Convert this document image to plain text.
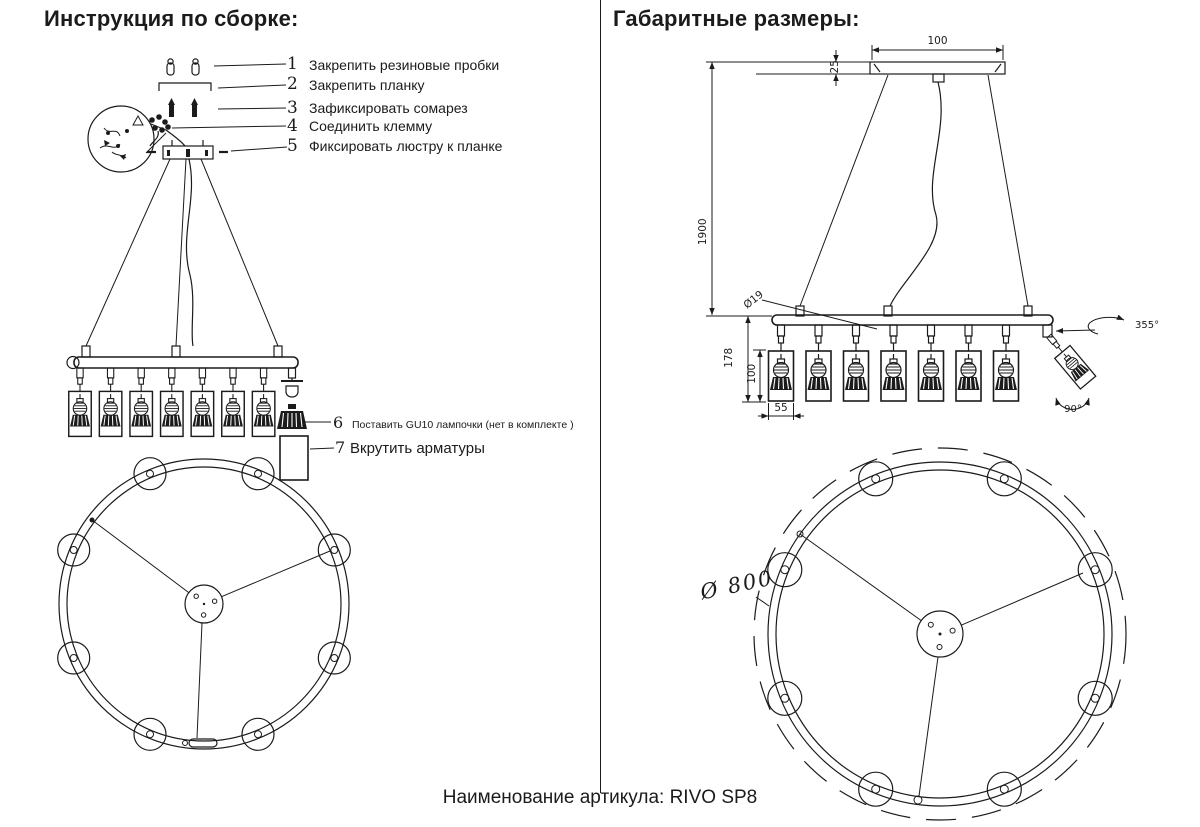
Инструкция по сборке:	Габаритные размеры:
1 Закрепить резиновые пробки
2 Закрепить планку
3 Зафиксировать сомарез
4 Соединить клемму
5 Фиксировать люстру к планке
6 Поставить GU10 лампочки (нет в комплекте )
7 Вкрутить арматуры
100
25
1900
Ø19
178
100
55
355°
90°
Ø 800
Наименование артикула: RIVO SP8
